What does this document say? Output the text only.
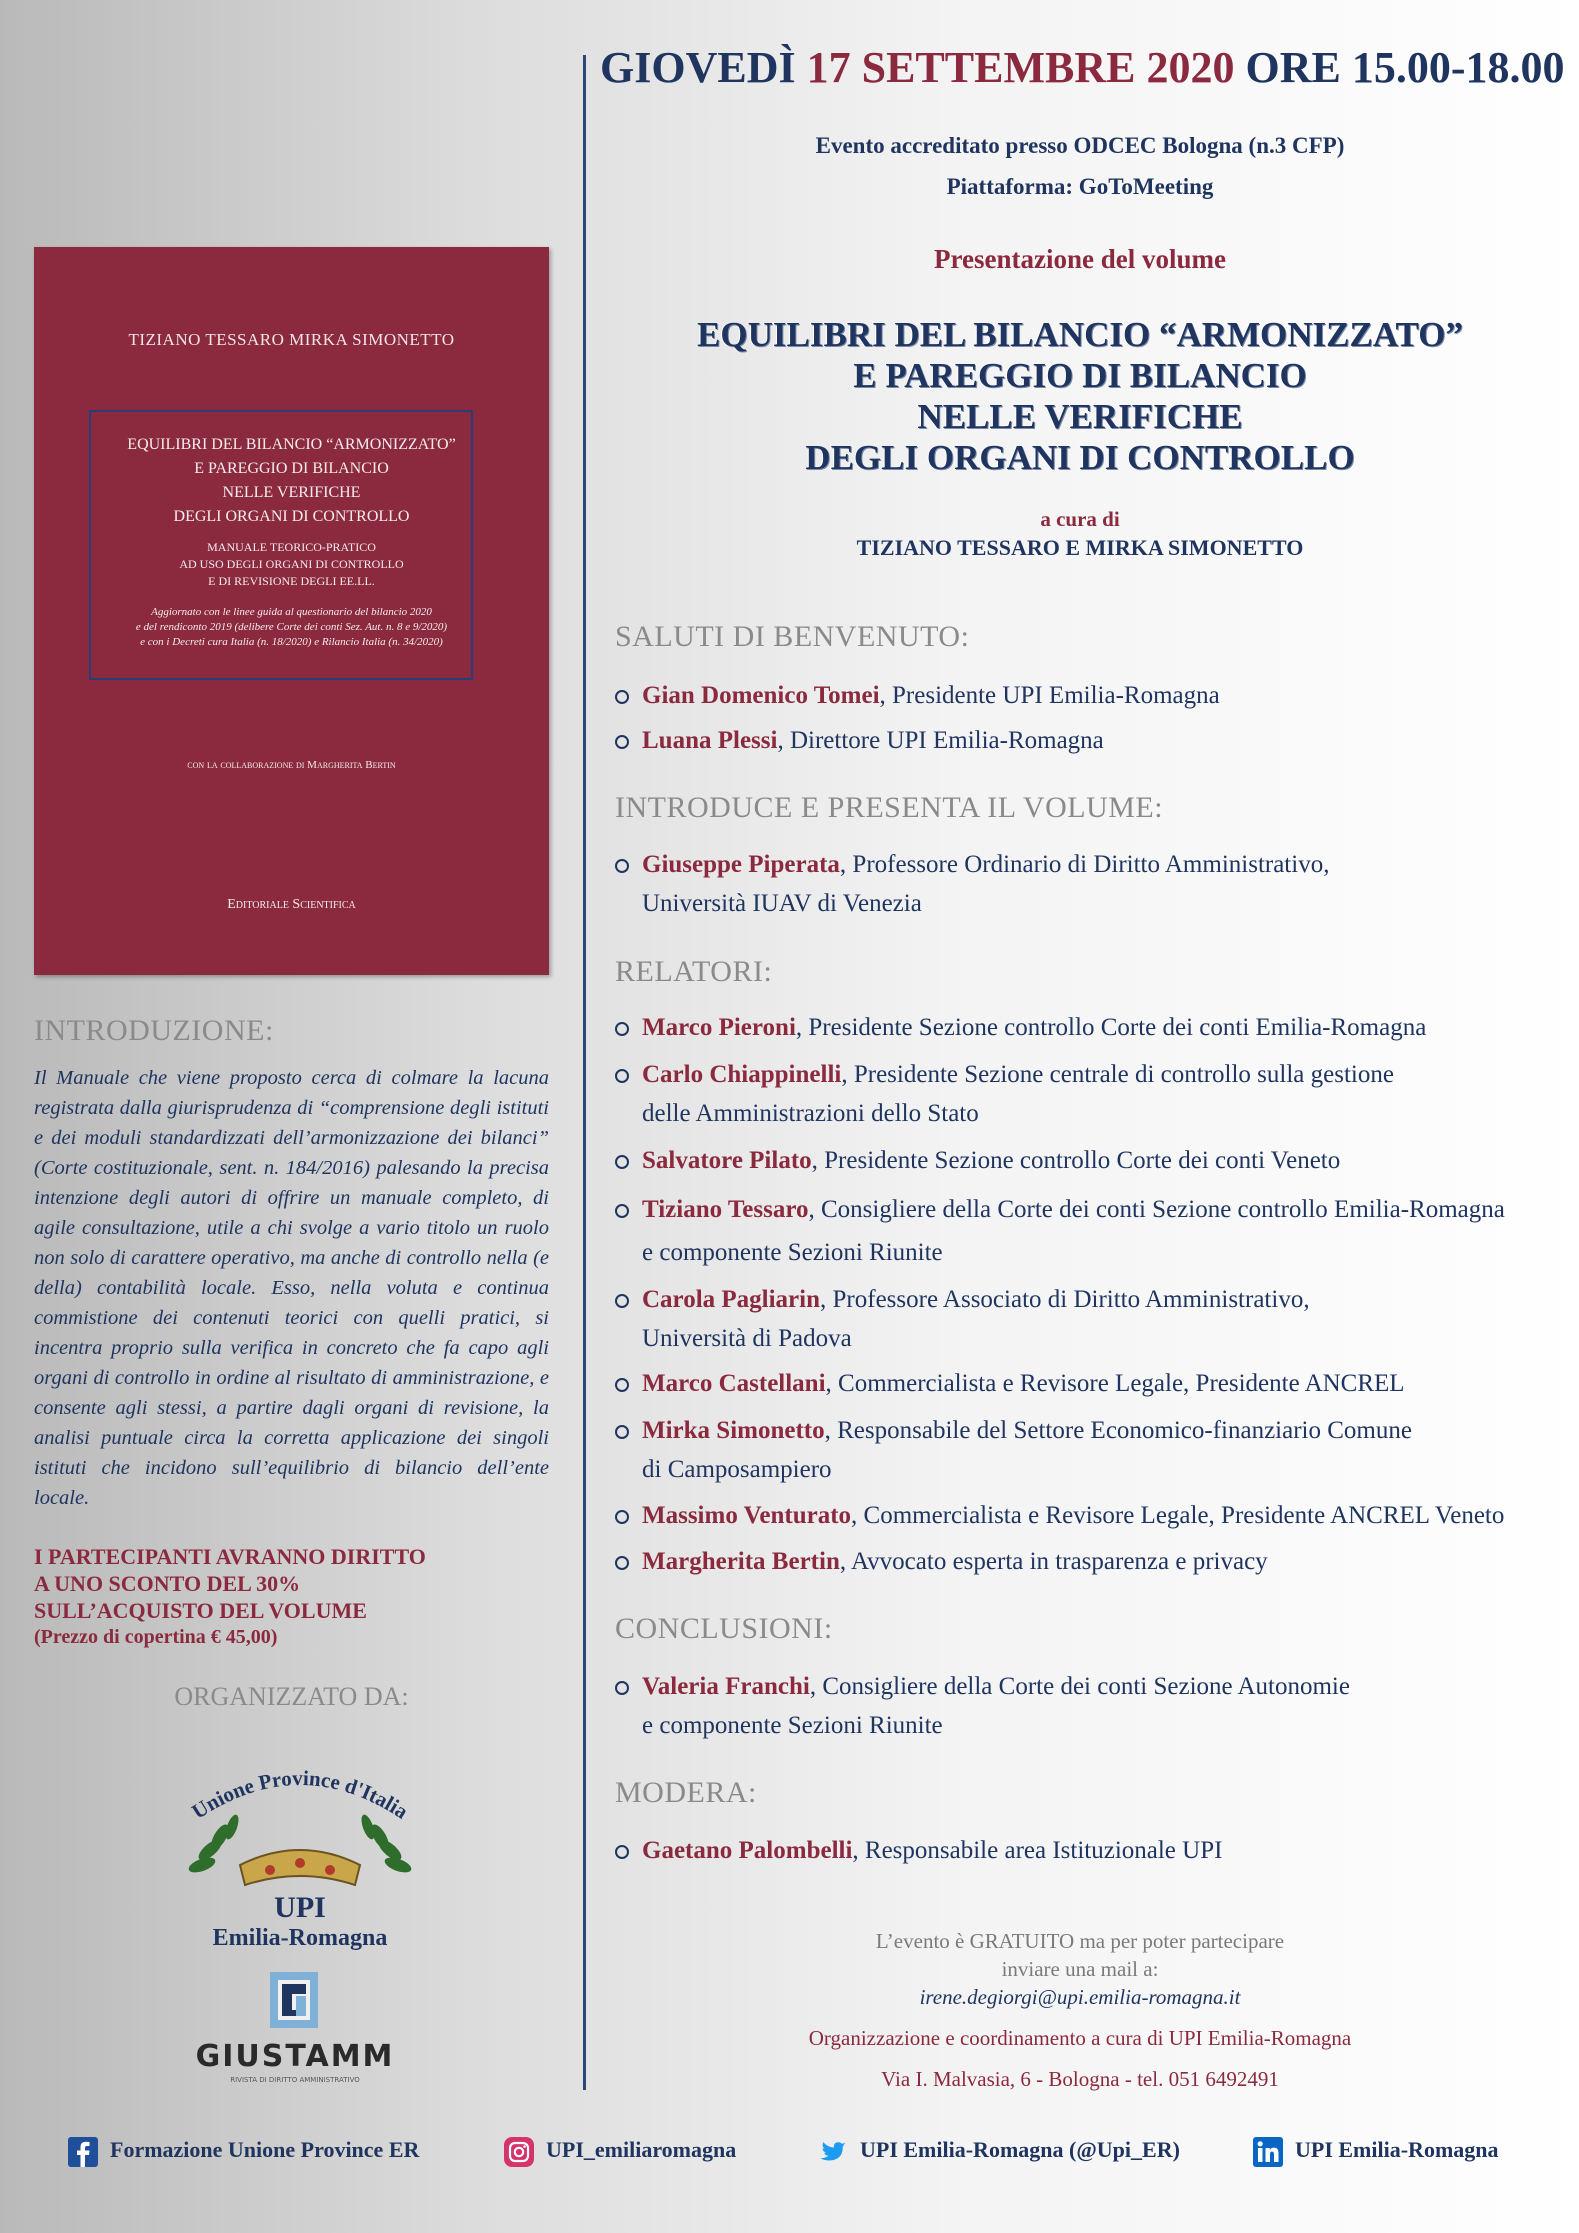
GIOVEDÌ 17 SETTEMBRE 2020 ORE 15.00-18.00
Evento accreditato presso ODCEC Bologna (n.3 CFP)
Piattaforma: GoToMeeting
Presentazione del volume
EQUILIBRI DEL BILANCIO “ARMONIZZATO”
E PAREGGIO DI BILANCIO
NELLE VERIFICHE
DEGLI ORGANI DI CONTROLLO
a cura di
TIZIANO TESSARO E MIRKA SIMONETTO
SALUTI DI BENVENUTO:
Gian Domenico Tomei, Presidente UPI Emilia-Romagna
Luana Plessi, Direttore UPI Emilia-Romagna
INTRODUCE E PRESENTA IL VOLUME:
Giuseppe Piperata, Professore Ordinario di Diritto Amministrativo,
Università IUAV di Venezia
RELATORI:
Marco Pieroni, Presidente Sezione controllo Corte dei conti Emilia-Romagna
Carlo Chiappinelli, Presidente Sezione centrale di controllo sulla gestione
delle Amministrazioni dello Stato
Salvatore Pilato, Presidente Sezione controllo Corte dei conti Veneto
Tiziano Tessaro, Consigliere della Corte dei conti Sezione controllo Emilia-Romagna
e componente Sezioni Riunite
Carola Pagliarin, Professore Associato di Diritto Amministrativo,
Università di Padova
Marco Castellani, Commercialista e Revisore Legale, Presidente ANCREL
Mirka Simonetto, Responsabile del Settore Economico-finanziario Comune
di Camposampiero
Massimo Venturato, Commercialista e Revisore Legale, Presidente ANCREL Veneto
Margherita Bertin, Avvocato esperta in trasparenza e privacy
CONCLUSIONI:
Valeria Franchi, Consigliere della Corte dei conti Sezione Autonomie
e componente Sezioni Riunite
MODERA:
Gaetano Palombelli, Responsabile area Istituzionale UPI
L’evento è GRATUITO ma per poter partecipare
inviare una mail a:
irene.degiorgi@upi.emilia-romagna.it
Organizzazione e coordinamento a cura di UPI Emilia-Romagna
Via I. Malvasia, 6 - Bologna - tel. 051 6492491
TIZIANO TESSARO MIRKA SIMONETTO
EQUILIBRI DEL BILANCIO “ARMONIZZATO”
E PAREGGIO DI BILANCIO
NELLE VERIFICHE
DEGLI ORGANI DI CONTROLLO
MANUALE TEORICO-PRATICO
AD USO DEGLI ORGANI DI CONTROLLO
E DI REVISIONE DEGLI EE.LL.
Aggiornato con le linee guida al questionario del bilancio 2020
e del rendiconto 2019 (delibere Corte dei conti Sez. Aut. n. 8 e 9/2020)
e con i Decreti cura Italia (n. 18/2020) e Rilancio Italia (n. 34/2020)
con la collaborazione di Margherita Bertin
Editoriale Scientifica
INTRODUZIONE:
Il Manuale che viene proposto cerca di colmare la lacuna registrata dalla giurisprudenza di “comprensione degli istituti e dei moduli standardizzati dell’armonizzazione dei bilanci” (Corte costituzionale, sent. n. 184/2016) palesando la precisa intenzione degli autori di offrire un manuale completo, di agile consultazione, utile a chi svolge a vario titolo un ruolo non solo di carattere operativo, ma anche di controllo nella (e della) contabilità locale. Esso, nella voluta e continua commistione dei contenuti teorici con quelli pratici, si incentra proprio sulla verifica in concreto che fa capo agli organi di controllo in ordine al risultato di amministrazione, e consente agli stessi, a partire dagli organi di revisione, la analisi puntuale circa la corretta applicazione dei singoli istituti che incidono sull’equilibrio di bilancio dell’ente locale.
I PARTECIPANTI AVRANNO DIRITTO
A UNO SCONTO DEL 30%
SULL’ACQUISTO DEL VOLUME
(Prezzo di copertina € 45,00)
ORGANIZZATO DA:
Unione Province d'Italia
UPI
Emilia-Romagna
GIUSTAMM
RIVISTA DI DIRITTO AMMINISTRATIVO
Formazione Unione Province ER	UPI_emiliaromagna	UPI Emilia-Romagna (@Upi_ER)	UPI Emilia-Romagna
